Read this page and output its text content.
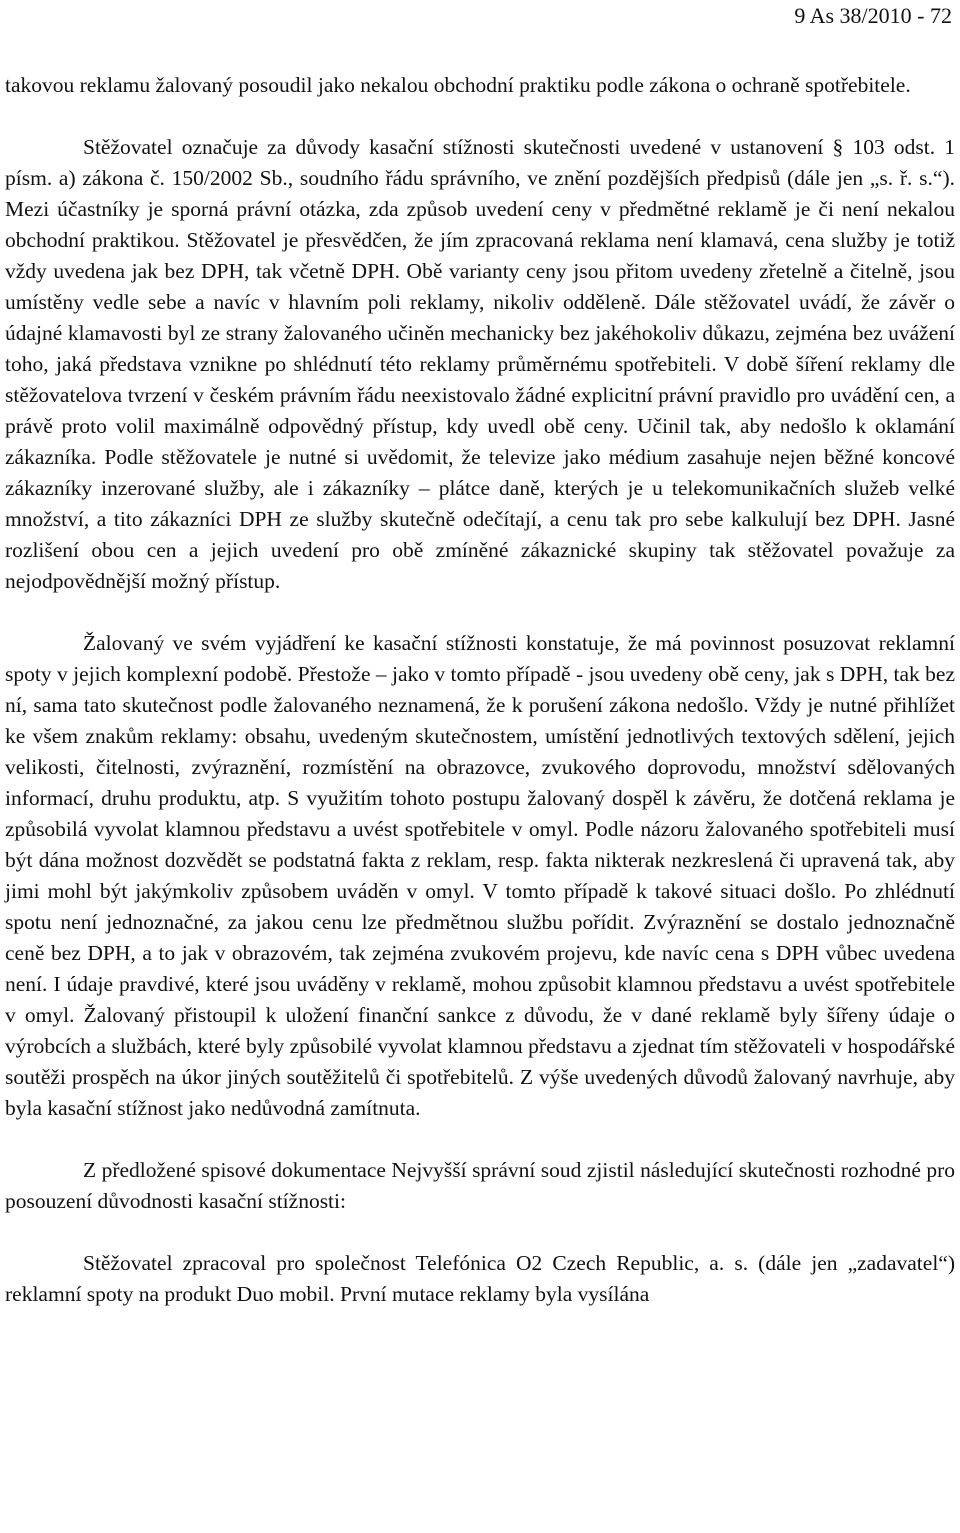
9 As 38/2010 - 72

takovou reklamu žalovaný posoudil jako nekalou obchodní praktiku podle zákona o ochraně spotřebitele.

Stěžovatel označuje za důvody kasační stížnosti skutečnosti uvedené v ustanovení § 103 odst. 1 písm. a) zákona č. 150/2002 Sb., soudního řádu správního, ve znění pozdějších předpisů (dále jen „s. ř. s.“). Mezi účastníky je sporná právní otázka, zda způsob uvedení ceny v předmětné reklamě je či není nekalou obchodní praktikou. Stěžovatel je přesvědčen, že jím zpracovaná reklama není klamavá, cena služby je totiž vždy uvedena jak bez DPH, tak včetně DPH. Obě varianty ceny jsou přitom uvedeny zřetelně a čitelně, jsou umístěny vedle sebe a navíc v hlavním poli reklamy, nikoliv odděleně. Dále stěžovatel uvádí, že závěr o údajné klamavosti byl ze strany žalovaného učiněn mechanicky bez jakéhokoliv důkazu, zejména bez uvážení toho, jaká představa vznikne po shlédnutí této reklamy průměrnému spotřebiteli. V době šíření reklamy dle stěžovatelova tvrzení v českém právním řádu neexistovalo žádné explicitní právní pravidlo pro uvádění cen, a právě proto volil maximálně odpovědný přístup, kdy uvedl obě ceny. Učinil tak, aby nedošlo k oklamání zákazníka. Podle stěžovatele je nutné si uvědomit, že televize jako médium zasahuje nejen běžné koncové zákazníky inzerované služby, ale i zákazníky – plátce daně, kterých je u telekomunikačních služeb velké množství, a tito zákazníci DPH ze služby skutečně odečítají, a cenu tak pro sebe kalkulují bez DPH. Jasné rozlišení obou cen a jejich uvedení pro obě zmíněné zákaznické skupiny tak stěžovatel považuje za nejodpovědnější možný přístup.

Žalovaný ve svém vyjádření ke kasační stížnosti konstatuje, že má povinnost posuzovat reklamní spoty v jejich komplexní podobě. Přestože – jako v tomto případě - jsou uvedeny obě ceny, jak s DPH, tak bez ní, sama tato skutečnost podle žalovaného neznamená, že k porušení zákona nedošlo. Vždy je nutné přihlížet ke všem znakům reklamy: obsahu, uvedeným skutečnostem, umístění jednotlivých textových sdělení, jejich velikosti, čitelnosti, zvýraznění, rozmístění na obrazovce, zvukového doprovodu, množství sdělovaných informací, druhu produktu, atp. S využitím tohoto postupu žalovaný dospěl k závěru, že dotčená reklama je způsobilá vyvolat klamnou představu a uvést spotřebitele v omyl. Podle názoru žalovaného spotřebiteli musí být dána možnost dozvědět se podstatná fakta z reklam, resp. fakta nikterak nezkreslená či upravená tak, aby jimi mohl být jakýmkoliv způsobem uváděn v omyl. V tomto případě k takové situaci došlo. Po zhlédnutí spotu není jednoznačné, za jakou cenu lze předmětnou službu pořídit. Zvýraznění se dostalo jednoznačně ceně bez DPH, a to jak v obrazovém, tak zejména zvukovém projevu, kde navíc cena s DPH vůbec uvedena není. I údaje pravdivé, které jsou uváděny v reklamě, mohou způsobit klamnou představu a uvést spotřebitele v omyl. Žalovaný přistoupil k uložení finanční sankce z důvodu, že v dané reklamě byly šířeny údaje o výrobcích a službách, které byly způsobilé vyvolat klamnou představu a zjednat tím stěžovateli v hospodářské soutěži prospěch na úkor jiných soutěžitelů či spotřebitelů. Z výše uvedených důvodů žalovaný navrhuje, aby byla kasační stížnost jako nedůvodná zamítnuta.

Z předložené spisové dokumentace Nejvyšší správní soud zjistil následující skutečnosti rozhodné pro posouzení důvodnosti kasační stížnosti:

Stěžovatel zpracoval pro společnost Telefónica O2 Czech Republic, a. s. (dále jen „zadavatel“) reklamní spoty na produkt Duo mobil. První mutace reklamy byla vysílána
